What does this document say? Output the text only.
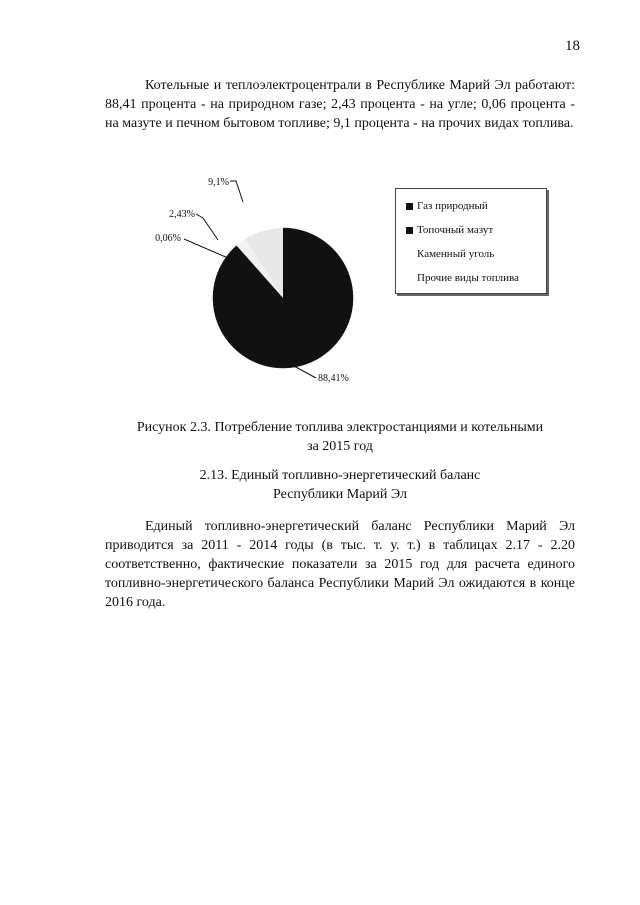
18

Котельные и теплоэлектроцентрали в Республике Марий Эл работают: 88,41 процента - на природном газе; 2,43 процента - на угле; 0,06 процента - на мазуте и печном бытовом топливе; 9,1 процента - на прочих видах топлива.

88,41%
0,06%
2,43%
9,1%
Газ природный
Топочный мазут
Каменный уголь
Прочие виды топлива
Рисунок 2.3. Потребление топлива электростанциями и котельными
за 2015 год
2.13. Единый топливно-энергетический баланс
Республики Марий Эл

Единый топливно-энергетический баланс Республики Марий Эл приводится за 2011 - 2014 годы (в тыс. т. у. т.) в таблицах 2.17 - 2.20 соответственно, фактические показатели за 2015 год для расчета единого топливно-энергетического баланса Республики Марий Эл ожидаются в конце 2016 года.
